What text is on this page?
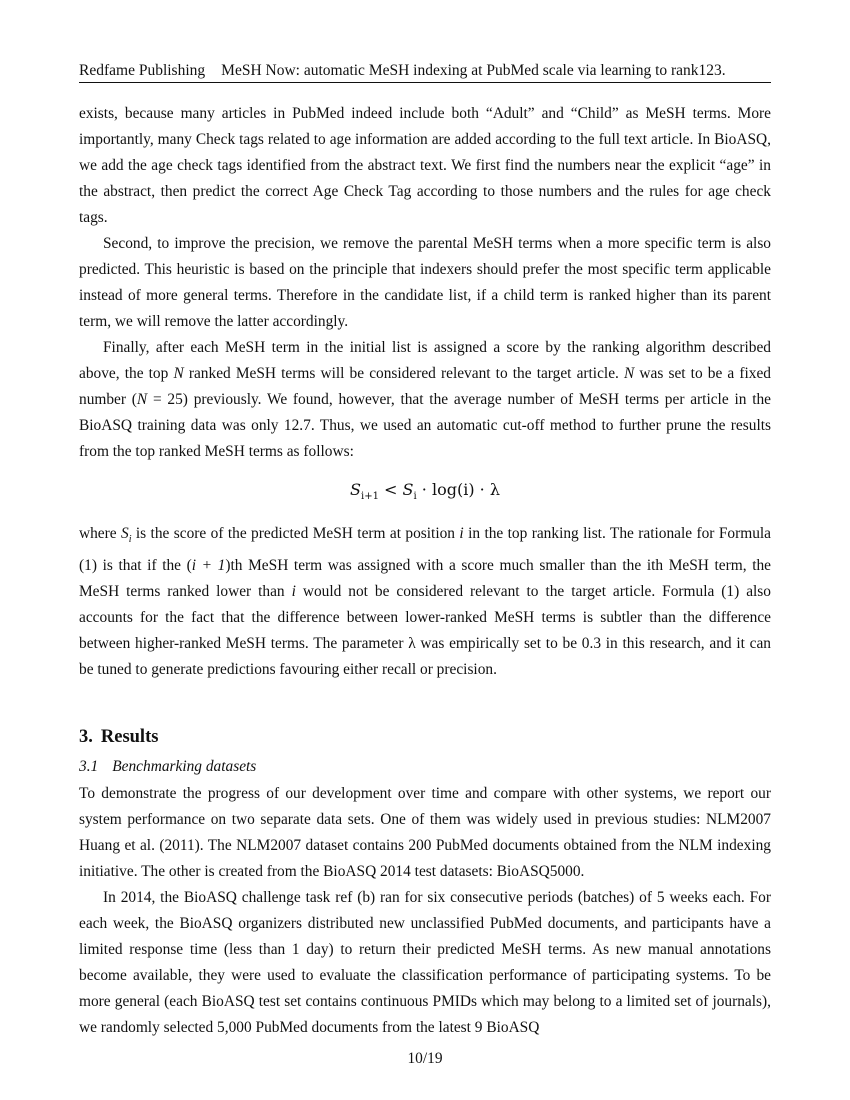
Redfame Publishing MeSH Now: automatic MeSH indexing at PubMed scale via learning to rank123.

exists, because many articles in PubMed indeed include both “Adult” and “Child” as MeSH terms. More importantly, many Check tags related to age information are added according to the full text article. In BioASQ, we add the age check tags identified from the abstract text. We first find the numbers near the explicit “age” in the abstract, then predict the correct Age Check Tag according to those numbers and the rules for age check tags.

Second, to improve the precision, we remove the parental MeSH terms when a more specific term is also predicted. This heuristic is based on the principle that indexers should prefer the most specific term applicable instead of more general terms. Therefore in the candidate list, if a child term is ranked higher than its parent term, we will remove the latter accordingly.

Finally, after each MeSH term in the initial list is assigned a score by the ranking algorithm described above, the top N ranked MeSH terms will be considered relevant to the target article. N was set to be a fixed number (N = 25) previously. We found, however, that the average number of MeSH terms per article in the BioASQ training data was only 12.7. Thus, we used an automatic cut-off method to further prune the results from the top ranked MeSH terms as follows:

$S_{i+1} < S_i \cdot \log(i) \cdot \lambda$

where $S_i$ is the score of the predicted MeSH term at position i in the top ranking list. The rationale for Formula (1) is that if the (i + 1)th MeSH term was assigned with a score much smaller than the ith MeSH term, the MeSH terms ranked lower than i would not be considered relevant to the target article. Formula (1) also accounts for the fact that the difference between lower-ranked MeSH terms is subtler than the difference between higher-ranked MeSH terms. The parameter λ was empirically set to be 0.3 in this research, and it can be tuned to generate predictions favouring either recall or precision.

3. Results
3.1 Benchmarking datasets

To demonstrate the progress of our development over time and compare with other systems, we report our system performance on two separate data sets. One of them was widely used in previous studies: NLM2007 Huang et al. (2011). The NLM2007 dataset contains 200 PubMed documents obtained from the NLM indexing initiative. The other is created from the BioASQ 2014 test datasets: BioASQ5000.

In 2014, the BioASQ challenge task ref (b) ran for six consecutive periods (batches) of 5 weeks each. For each week, the BioASQ organizers distributed new unclassified PubMed documents, and participants have a limited response time (less than 1 day) to return their predicted MeSH terms. As new manual annotations become available, they were used to evaluate the classification performance of participating systems. To be more general (each BioASQ test set contains continuous PMIDs which may belong to a limited set of journals), we randomly selected 5,000 PubMed documents from the latest 9 BioASQ

10/19
